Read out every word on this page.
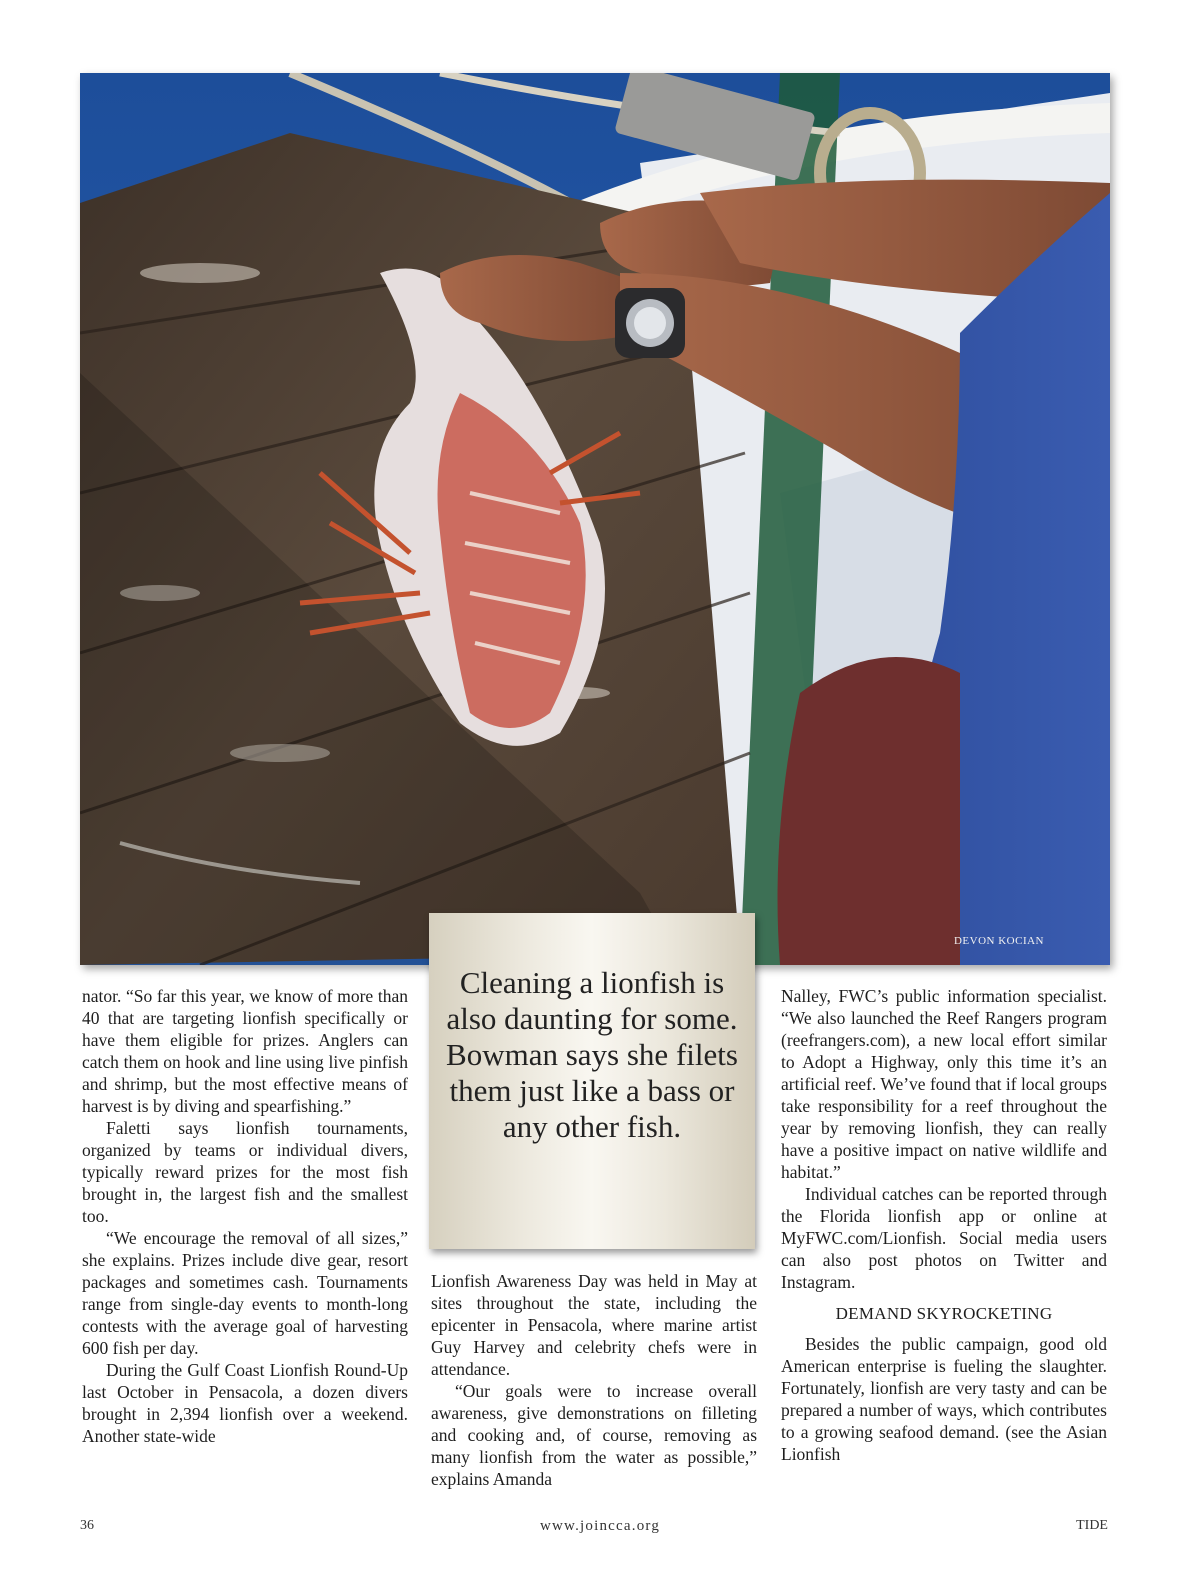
DEVON KOCIAN

Cleaning a lionfish is also daunting for some. Bowman says she filets them just like a bass or any other fish.

nator. “So far this year, we know of more than 40 that are targeting lionfish specifically or have them eligible for prizes. Anglers can catch them on hook and line using live pinfish and shrimp, but the most effective means of harvest is by diving and spearfishing.”

Faletti says lionfish tournaments, organized by teams or individual divers, typically reward prizes for the most fish brought in, the largest fish and the smallest too.

“We encourage the removal of all sizes,” she explains. Prizes include dive gear, resort packages and sometimes cash. Tournaments range from single-day events to month-long contests with the average goal of harvesting 600 fish per day.

During the Gulf Coast Lionfish Round-Up last October in Pensacola, a dozen divers brought in 2,394 lionfish over a weekend. Another state-wide

Lionfish Awareness Day was held in May at sites throughout the state, including the epicenter in Pensacola, where marine artist Guy Harvey and celebrity chefs were in attendance.

“Our goals were to increase overall awareness, give demonstrations on filleting and cooking and, of course, removing as many lionfish from the water as possible,” explains Amanda

Nalley, FWC’s public information specialist. “We also launched the Reef Rangers program (reefrangers.com), a new local effort similar to Adopt a Highway, only this time it’s an artificial reef. We’ve found that if local groups take responsibility for a reef throughout the year by removing lionfish, they can really have a positive impact on native wildlife and habitat.”

Individual catches can be reported through the Florida lionfish app or online at MyFWC.com/Lionfish. Social media users can also post photos on Twitter and Instagram.

DEMAND SKYROCKETING

Besides the public campaign, good old American enterprise is fueling the slaughter. Fortunately, lionfish are very tasty and can be prepared a number of ways, which contributes to a growing seafood demand. (see the Asian Lionfish

36	www.joincca.org	TIDE
